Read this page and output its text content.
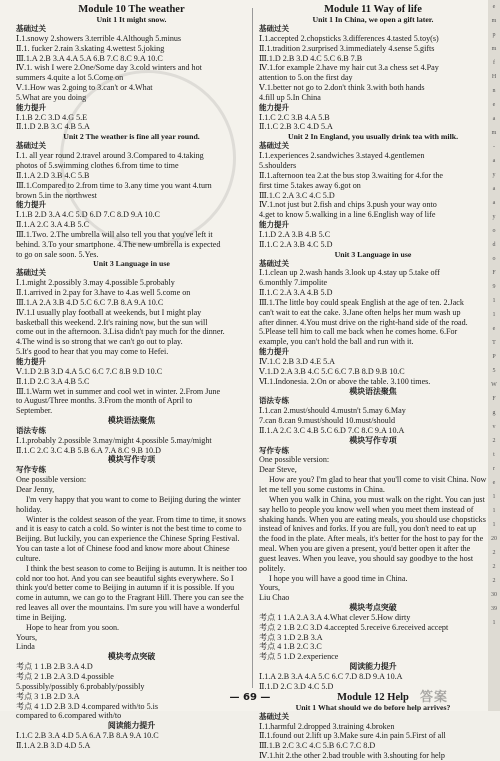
Module 10 The weather
Unit 1 It might snow.
基础过关
Ⅰ.1.snowy 2.showers 3.terrible 4.Although 5.minus
Ⅱ.1. fucker 2.rain 3.skating 4.wettest 5.joking
Ⅲ.1.A 2.B 3.A 4.A 5.A 6.B 7.C 8.C 9.A 10.C
Ⅳ.1. wish I were 2.One/Some day 3.cold winters and hot
summers 4.quite a lot 5.Come on
Ⅴ.1.How was 2.going to 3.can't or 4.What
5.What are you doing
能力提升
Ⅰ.1.B 2.C 3.D 4.G 5.E
Ⅱ.1.D 2.B 3.C 4.B 5.A
Unit 2 The weather is fine all year round.
基础过关
Ⅰ.1. all year round 2.travel around 3.Compared to 4.taking
photos of 5.swimming clothes 6.from time to time
Ⅱ.1.A 2.D 3.B 4.C 5.B
Ⅲ.1.Compared to 2.from time to 3.any time you want 4.turn
brown 5.in the northwest
能力提升
Ⅰ.1.B 2.D 3.A 4.C 5.D 6.D 7.C 8.D 9.A 10.C
Ⅱ.1.A 2.C 3.A 4.B 5.C
Ⅲ.1.Two. 2.The umbrella will also tell you that you've left it
behind. 3.To your smartphone. 4.The new umbrella is expected
to go on sale soon. 5.Yes.
Unit 3 Language in use
基础过关
Ⅰ.1.might 2.possibly 3.may 4.possible 5.probably
Ⅱ.1.arrived in 2.pay for 3.have to 4.as well 5.come on
Ⅲ.1.A 2.A 3.B 4.D 5.C 6.C 7.B 8.A 9.A 10.C
Ⅳ.1.I usually play football at weekends, but I might play
basketball this weekend. 2.It's raining now, but the sun will
come out in the afternoon. 3.Lisa didn't pay much for the dinner.
4.The wind is so strong that we can't go out to play.
5.It's good to hear that you may come to Hefei.
能力提升
Ⅴ.1.D 2.B 3.D 4.A 5.C 6.C 7.C 8.B 9.D 10.C
Ⅱ.1.D 2.C 3.A 4.B 5.C
Ⅲ.1.Warm wet in summer and cool wet in winter. 2.From June
to August/Three months. 3.From the month of April to
September.
模块语法聚焦
语法专练
Ⅰ.1.probably 2.possible 3.may/might 4.possible 5.may/might
Ⅱ.1.C 2.C 3.C 4.B 5.B 6.A 7.A 8.C 9.B 10.D
模块写作专项
写作专练
One possible version:
Dear Jenny,
I'm very happy that you want to come to Beijing during the winter holiday.
Winter is the coldest season of the year. From time to time, it snows and it is easy to catch a cold. So winter is not the best time to come to Beijing. But luckily, you can experience the Chinese Spring Festival. You can taste a lot of Chinese food and know more about Chinese culture.
I think the best season to come to Beijing is autumn. It is neither too cold nor too hot. And you can see beautiful sights everywhere. So I think you'd better come to Beijing in autumn if it is possible. If you come in autumn, we can go to the Fragrant Hill. There you can see the red leaves all over the mountains. I'm sure you will have a wonderful time in Beijing.
Hope to hear from you soon.
Yours,
Linda
模块考点突破
考点 1 1.B 2.B 3.A 4.D
考点 2 1.B 2.A 3.D 4.possible
5.possibly/possibly 6.probably/possibly
考点 3 1.B 2.D 3.A
考点 4 1.D 2.B 3.D 4.compared with/to 5.is
compared to 6.compared with/to
阅读能力提升
Ⅰ.1.C 2.B 3.A 4.D 5.A 6.A 7.B 8.A 9.A 10.C
Ⅱ.1.A 2.B 3.D 4.D 5.A
Module 11 Way of life
Unit 1 In China, we open a gift later.
基础过关
Ⅰ.1.accepted 2.chopsticks 3.differences 4.tasted 5.toy(s)
Ⅱ.1.tradition 2.surprised 3.immediately 4.sense 5.gifts
Ⅲ.1.D 2.B 3.D 4.C 5.C 6.B 7.B
Ⅳ.1.for example 2.have my hair cut 3.a chess set 4.Pay
attention to 5.on the first day
Ⅴ.1.better not go to 2.don't think 3.with both hands
4.fill up 5.In China
能力提升
Ⅰ.1.C 2.C 3.B 4.A 5.B
Ⅱ.1.C 2.B 3.C 4.D 5.A
Unit 2 In England, you usually drink tea with milk.
基础过关
Ⅰ.1.experiences 2.sandwiches 3.stayed 4.gentlemen
5.shoulders
Ⅱ.1.afternoon tea 2.at the bus stop 3.waiting for 4.for the
first time 5.takes away 6.got on
Ⅲ.1.C 2.A 3.C 4.C 5.D
Ⅳ.1.not just but 2.fish and chips 3.push your way onto
4.get to know 5.walking in a line 6.English way of life
能力提升
Ⅰ.1.D 2.A 3.B 4.B 5.C
Ⅱ.1.C 2.A 3.B 4.C 5.D
Unit 3 Language in use
基础过关
Ⅰ.1.clean up 2.wash hands 3.look up 4.stay up 5.take off
6.monthly 7.impolite
Ⅱ.1.C 2.A 3.A 4.B 5.D
Ⅲ.1.The little boy could speak English at the age of ten. 2.Jack
can't wait to eat the cake. 3.Jane often helps her mum wash up
after dinner. 4.You must drive on the right-hand side of the road.
5.Please tell him to call me back when he comes home. 6.For
example, you can't hold the ball and run with it.
能力提升
Ⅳ.1.C 2.B 3.D 4.E 5.A
Ⅴ.1.D 2.A 3.B 4.C 5.C 6.C 7.B 8.D 9.B 10.C
Ⅵ.1.Indonesia. 2.On or above the table. 3.100 times.
模块语法聚焦
语法专练
Ⅰ.1.can 2.must/should 4.mustn't 5.may 6.May
7.can 8.can 9.must/should 10.must/should
Ⅱ.1.A 2.C 3.C 4.B 5.C 6.D 7.C 8.C 9.A 10.A
模块写作专项
写作专练
One possible version:
Dear Steve,
How are you? I'm glad to hear that you'll come to visit China. Now let me tell you some customs in China.
When you walk in China, you must walk on the right. You can just say hello to people you know well when you meet them instead of shaking hands. When you are eating meals, you should use chopsticks instead of knives and forks. If you are full, you don't need to eat up the food in the plate. After meals, it's better for the host to pay for the meal. When you are given a present, you'd better open it after the guest leaves. When you leave, you should say goodbye to the host politely.
I hope you will have a good time in China.
Yours,
Liu Chao
模块考点突破
考点 1 1.A 2.A 3.A 4.What clever 5.How dirty
考点 2 1.B 2.C 3.D 4.accepted 5.receive 6.received accept
考点 3 1.D 2.B 3.A
考点 4 1.B 2.C 3.C
考点 5 1.D 2.experience
阅读能力提升
Ⅰ.1.A 2.B 3.A 4.A 5.C 6.C 7.D 8.D 9.A 10.A
Ⅱ.1.D 2.C 3.D 4.C 5.D
Module 12 Help
Unit 1 What should we do before help arrives?
基础过关
Ⅰ.1.harmful 2.dropped 3.training 4.broken
Ⅱ.1.found out 2.lift up 3.Make sure 4.in pain 5.First of all
Ⅲ.1.B 2.C 3.C 4.C 5.B 6.C 7.C 8.D
Ⅳ.1.hit 2.the other 2.bad trouble with 3.shouting for help
e
m
p
m
f
H
n
e
a
m
-
a
y
a
a
y
o
d
o
F
9
1
1
e
T
P
5
W
F
g
v
2
t
r
e
1
1
1
20
2
2
2
30
39
1
— 69 —	答案
